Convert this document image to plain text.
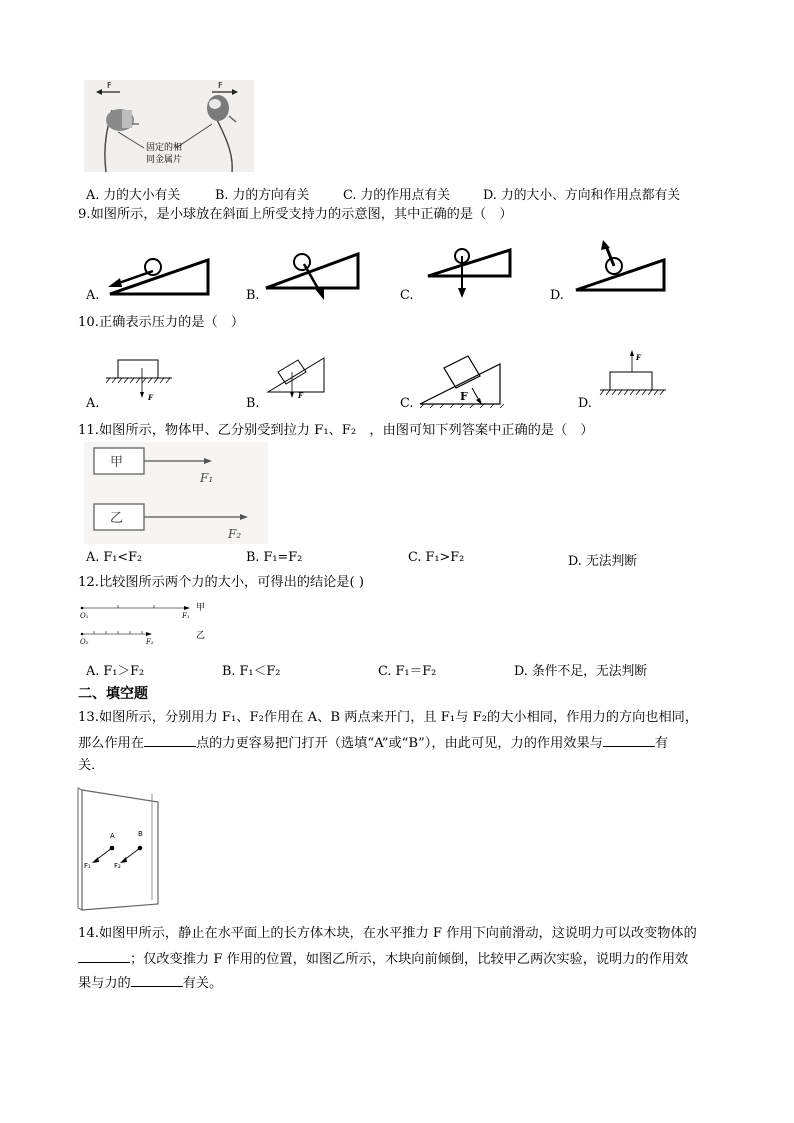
F	F
固定的相
同金属片
A. 力的大小有关	B. 力的方向有关	C. 力的作用点有关	D. 力的大小、方向和作用点都有关
9.如图所示，是小球放在斜面上所受支持力的示意图，其中正确的是（　）
A.	B.	C.	D.
10.正确表示压力的是（　）
F
A.
F
B.	F
C.
F
D.
11.如图所示，物体甲、乙分别受到拉力 F₁、F₂　，由图可知下列答案中正确的是（　）
甲
F₁
乙
F₂
A. F₁<F₂	B. F₁=F₂	C. F₁>F₂	D. 无法判断
12.比较图所示两个力的大小，可得出的结论是( )
O₁	F₁
甲
O₂	F₂
乙
A. F₁＞F₂	B. F₁＜F₂	C. F₁＝F₂	D. 条件不足，无法判断
二、填空题
13.如图所示，分别用力 F₁、F₂作用在 A、B 两点来开门，且 F₁与 F₂的大小相同，作用力的方向也相同，
那么作用在	点的力更容易把门打开（选填“A”或“B”），由此可见，力的作用效果与	有
关．
A	B
F₁	F₂
14.如图甲所示，静止在水平面上的长方体木块，在水平推力 F 作用下向前滑动，这说明力可以改变物体的
；仅改变推力 F 作用的位置，如图乙所示，木块向前倾倒，比较甲乙两次实验，说明力的作用效
果与力的	有关。
